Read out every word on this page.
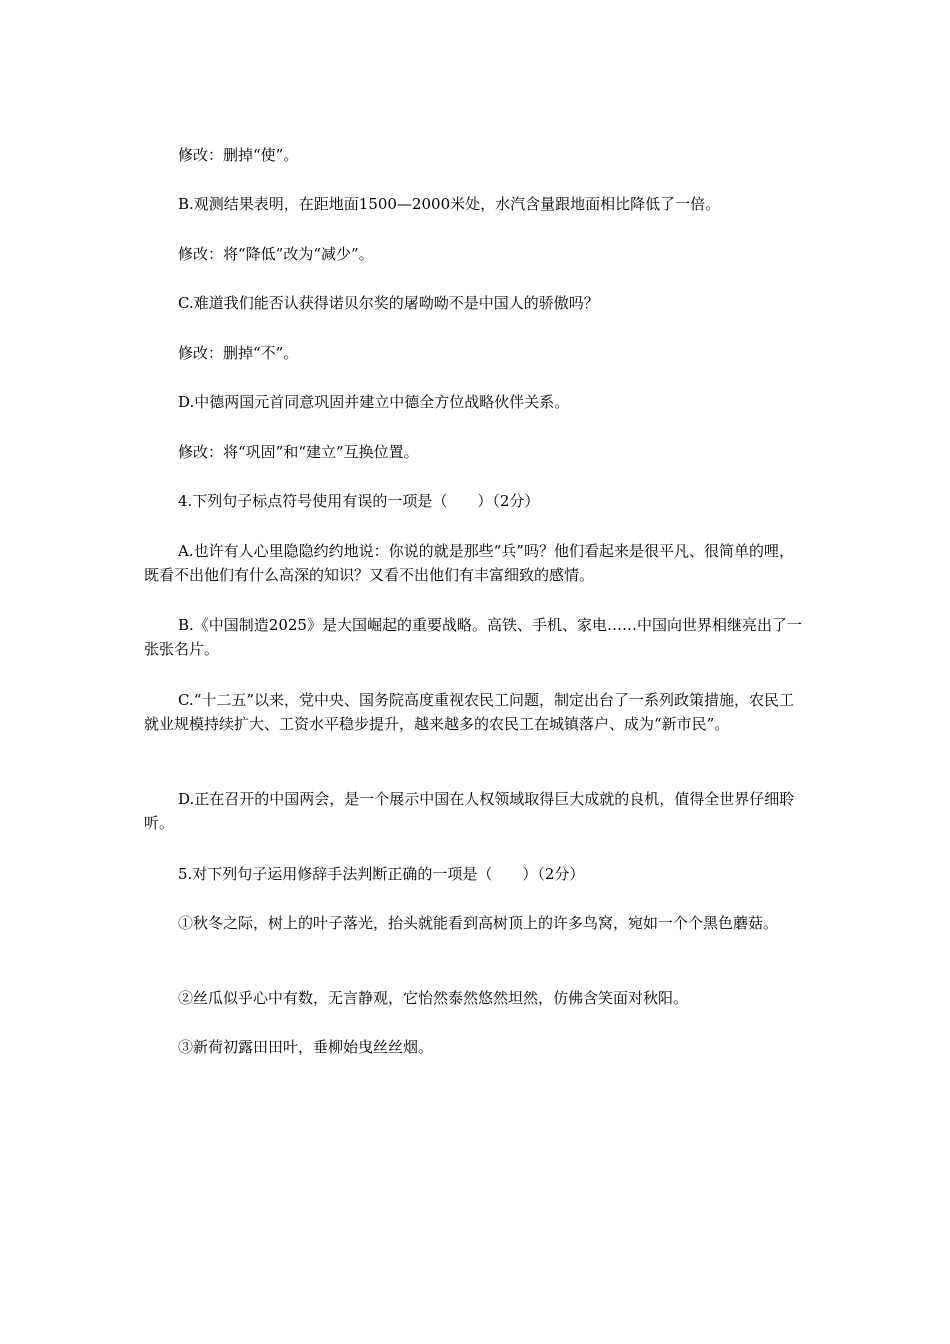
修改：删掉“使”。

B.观测结果表明，在距地面1500—2000米处，水汽含量跟地面相比降低了一倍。

修改：将“降低”改为“减少”。

C.难道我们能否认获得诺贝尔奖的屠呦呦不是中国人的骄傲吗？

修改：删掉“不”。

D.中德两国元首同意巩固并建立中德全方位战略伙伴关系。

修改：将“巩固”和“建立”互换位置。

4.下列句子标点符号使用有误的一项是（　　）（2分）

A.也许有人心里隐隐约约地说：你说的就是那些“兵”吗？他们看起来是很平凡、很简单的哩，既看不出他们有什么高深的知识？又看不出他们有丰富细致的感情。

B.《中国制造2025》是大国崛起的重要战略。高铁、手机、家电……中国向世界相继亮出了一张张名片。

C.“十二五”以来，党中央、国务院高度重视农民工问题，制定出台了一系列政策措施，农民工就业规模持续扩大、工资水平稳步提升，越来越多的农民工在城镇落户、成为“新市民”。

D.正在召开的中国两会，是一个展示中国在人权领域取得巨大成就的良机，值得全世界仔细聆听。

5.对下列句子运用修辞手法判断正确的一项是（　　）（2分）

①秋冬之际，树上的叶子落光，抬头就能看到高树顶上的许多鸟窝，宛如一个个黑色蘑菇。

②丝瓜似乎心中有数，无言静观，它怡然泰然悠然坦然，仿佛含笑面对秋阳。

③新荷初露田田叶，垂柳始曳丝丝烟。
